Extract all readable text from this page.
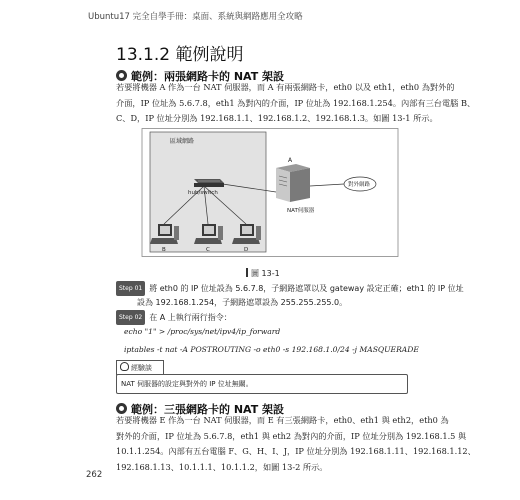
Ubuntu17 完全自學手冊：桌面、系統與網路應用全攻略
13.1.2 範例說明
範例：兩張網路卡的 NAT 架設
若要將機器 A 作為一台 NAT 伺服器，而 A 有兩張網路卡，eth0 以及 eth1，eth0 為對外的
介面，IP 位址為 5.6.7.8，eth1 為對內的介面，IP 位址為 192.168.1.254。內部有三台電腦 B、
C、D，IP 位址分別為 192.168.1.1、192.168.1.2、192.168.1.3。如圖 13-1 所示。
區域網路
hub/switch
A
NAT伺服器
對外網路
B	C	D
圖 13-1
Step 01 將 eth0 的 IP 位址設為 5.6.7.8，子網路遮罩以及 gateway 設定正確；eth1 的 IP 位址
設為 192.168.1.254，子網路遮罩設為 255.255.255.0。
Step 02 在 A 上執行兩行指令：
echo "1" > /proc/sys/net/ipv4/ip_forward
iptables -t nat -A POSTROUTING -o eth0 -s 192.168.1.0/24 -j MASQUERADE
經驗談
NAT 伺服器的設定與對外的 IP 位址無關。
範例：三張網路卡的 NAT 架設
若要將機器 E 作為一台 NAT 伺服器，而 E 有三張網路卡，eth0、eth1 與 eth2，eth0 為
對外的介面，IP 位址為 5.6.7.8，eth1 與 eth2 為對內的介面，IP 位址分別為 192.168.1.5 與
10.1.1.254。內部有五台電腦 F、G、H、I、J，IP 位址分別為 192.168.1.11、192.168.1.12、
192.168.1.13、10.1.1.1、10.1.1.2，如圖 13-2 所示。
262
